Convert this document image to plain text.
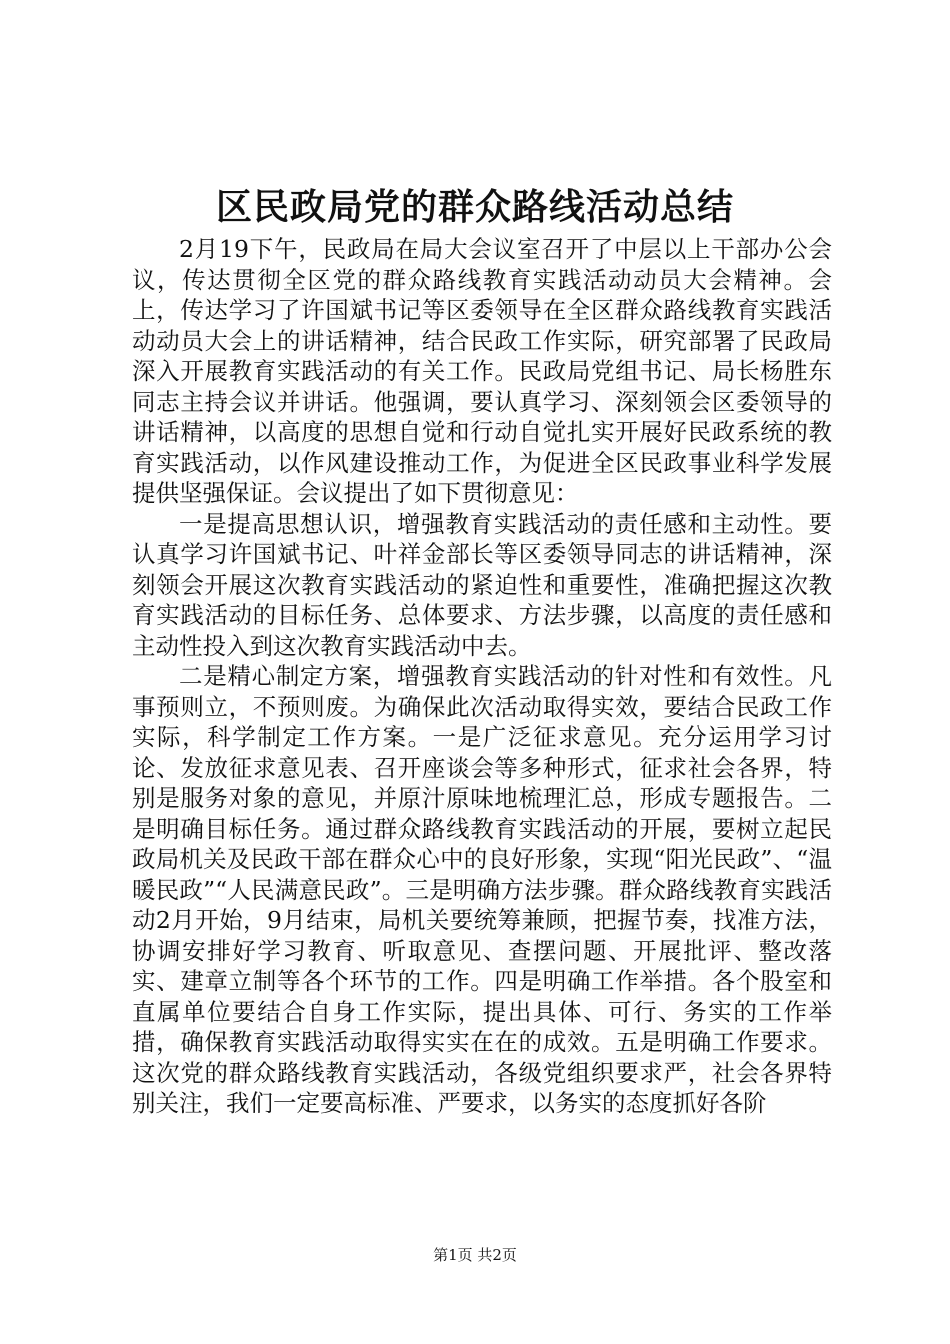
区民政局党的群众路线活动总结

2月19下午，民政局在局大会议室召开了中层以上干部办公会议，传达贯彻全区党的群众路线教育实践活动动员大会精神。会上，传达学习了许国斌书记等区委领导在全区群众路线教育实践活动动员大会上的讲话精神，结合民政工作实际，研究部署了民政局深入开展教育实践活动的有关工作。民政局党组书记、局长杨胜东同志主持会议并讲话。他强调，要认真学习、深刻领会区委领导的讲话精神，以高度的思想自觉和行动自觉扎实开展好民政系统的教育实践活动，以作风建设推动工作，为促进全区民政事业科学发展提供坚强保证。会议提出了如下贯彻意见：

一是提高思想认识，增强教育实践活动的责任感和主动性。要认真学习许国斌书记、叶祥金部长等区委领导同志的讲话精神，深刻领会开展这次教育实践活动的紧迫性和重要性，准确把握这次教育实践活动的目标任务、总体要求、方法步骤，以高度的责任感和主动性投入到这次教育实践活动中去。

二是精心制定方案，增强教育实践活动的针对性和有效性。凡事预则立，不预则废。为确保此次活动取得实效，要结合民政工作实际，科学制定工作方案。一是广泛征求意见。充分运用学习讨论、发放征求意见表、召开座谈会等多种形式，征求社会各界，特别是服务对象的意见，并原汁原味地梳理汇总，形成专题报告。二是明确目标任务。通过群众路线教育实践活动的开展，要树立起民政局机关及民政干部在群众心中的良好形象，实现“阳光民政”、“温暖民政”“人民满意民政”。三是明确方法步骤。群众路线教育实践活动2月开始，9月结束，局机关要统筹兼顾，把握节奏，找准方法，协调安排好学习教育、听取意见、查摆问题、开展批评、整改落实、建章立制等各个环节的工作。四是明确工作举措。各个股室和直属单位要结合自身工作实际，提出具体、可行、务实的工作举措，确保教育实践活动取得实实在在的成效。五是明确工作要求。这次党的群众路线教育实践活动，各级党组织要求严，社会各界特别关注，我们一定要高标准、严要求，以务实的态度抓好各阶

第1页 共2页
